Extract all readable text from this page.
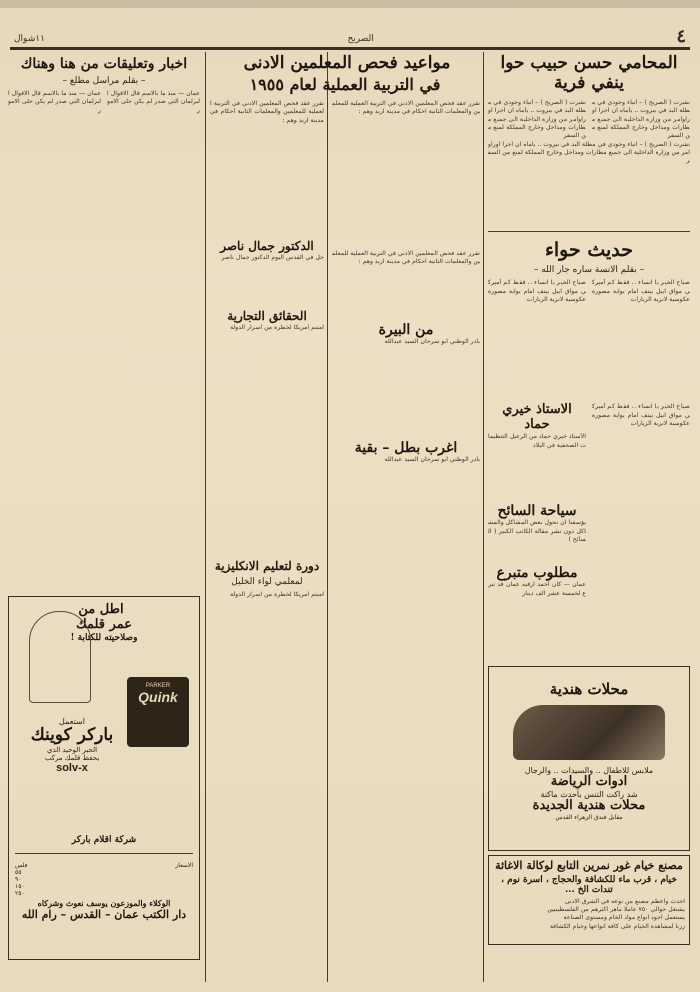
٤
الصريح
١١شوال
المحامي حسن حبيب حوا ينفي فرية
نشرت ( الصريح ) – انباء وجودي في مطلة البد في بيروت .. ياماه ان اجرا اوراوامر من وزارة الداخلية الى جميع مطارات ومداخل وخارج المملكة لمنع من السفر
نشرت ( الصريح ) – انباء وجودي في مطلة البد في بيروت .. ياماه ان اجرا اوراوامر من وزارة الداخلية الى جميع مطارات ومداخل وخارج المملكة لمنع من السفر
نشرت ( الصريح ) – انباء وجودي في مطلة البد في بيروت .. ياماه ان اجرا اوراوامر من وزارة الداخلية الى جميع مطارات ومداخل وخارج المملكة لمنع من السفر
حديث حواء
– بقلم الانسة ساره جار الله –
صباح الخير يا انساء .. فقط كم أميركي مواق ابيل بيتف امام بواية مصورة عكوسية لانزية الزيارات
صباح الخير يا انساء .. فقط كم أميركي مواق ابيل بيتف امام بواية مصورة عكوسية لانزية الزيارات
صباح الخير يا انساء .. فقط كم أميركي مواق ابيل بيتف امام بواية مصورة عكوسية لانزية الزيارات
الاستاذ خيري حماد
الأستاذ خيري حماد من الرعيل التنظيمات الصحفية في البلاد
سياحة السائح
يؤسفنا ان نحول بعض المشاكل والمشاكل دون نشر مقالة الكاتب الكبير ( السائح )
مطلوب متبرع
عمان — كان احمد ارقيه عمان قد تبرع لخمسة عشر الف دينار
محلات هندية
ملابس للاطفال .. والسيدات .. والرجال
ادوات الرياضة
شد راكت التنس بأحدث ماكنة
محلات هندية الجديدة
مقابل فندق الزهراء القدس
مصنع خيام غور نمرين التابع لوكالة الاغاثة
خيام ، قرب ماء للكشافة والحجاج ، اسرة نوم ، تندات الخ ...
احدث واعظم مصنع من نوعه في الشرق الادنى
يشتغل حوالي ٧٥٠ عاملا ماهر اكثرهم من الفلسطينيين
يستعمل اجود انواع مواد الخام ومستوى الصناعة
زرنا لمشاهدة الخيام على كافة انواعها وخيام الكشافة
مواعيد فحص المعلمين الادنى
في التربية العملية لعام ١٩٥٥
تقرر عقد فحص المعلمين الادني في التربية العملية للمعلمين والمعلمات الثانية احكام في مدينة اربد وهم :
تقرر عقد فحص المعلمين الادني في التربية العملية للمعلمين والمعلمات الثانية احكام في مدينة اربد وهم :
من البيرة
بادر الوطني ابو سرحان السيد عبدالله
اغرب بطل – بقية
بادر الوطني ابو سرحان السيد عبدالله
تقرر عقد فحص المعلمين الادني في التربية العملية للمعلمين والمعلمات الثانية احكام في مدينة اربد وهم :
الدكتور جمال ناصر
حل في القدس اليوم الدكتور جمال ناصر
الحقائق التجارية
آمنتم امريكا لخطرة من اسرار الدولة
دورة لتعليم الانكليزية
لمعلمي لواء الخليل
آمنتم امريكا لخطرة من اسرار الدولة
اخبار وتعليقات من هنا وهناك
– بقلم مراسل مطلع –
عمان — منذ ما بالاسم قال الاقوال البرلمان التي صدر لم يكن حلى الامور
عمان — منذ ما بالاسم قال الاقوال البرلمان التي صدر لم يكن حلى الامور
اطل من
عمر قلمك
وصلاحيته للكتابة !
PARKER
Quink
استعمل
باركر كوينك
الحبر الوحيد الذي
يحفظ قلمك مركب
solv-x
شركة اقلام باركر
الاسعار
فلس
٥٥
٩٠
١٥٠
٢٥٠
الوكلاء والموزعون يوسف نعوث وشركاه
دار الكتب عمان – القدس – رام الله
